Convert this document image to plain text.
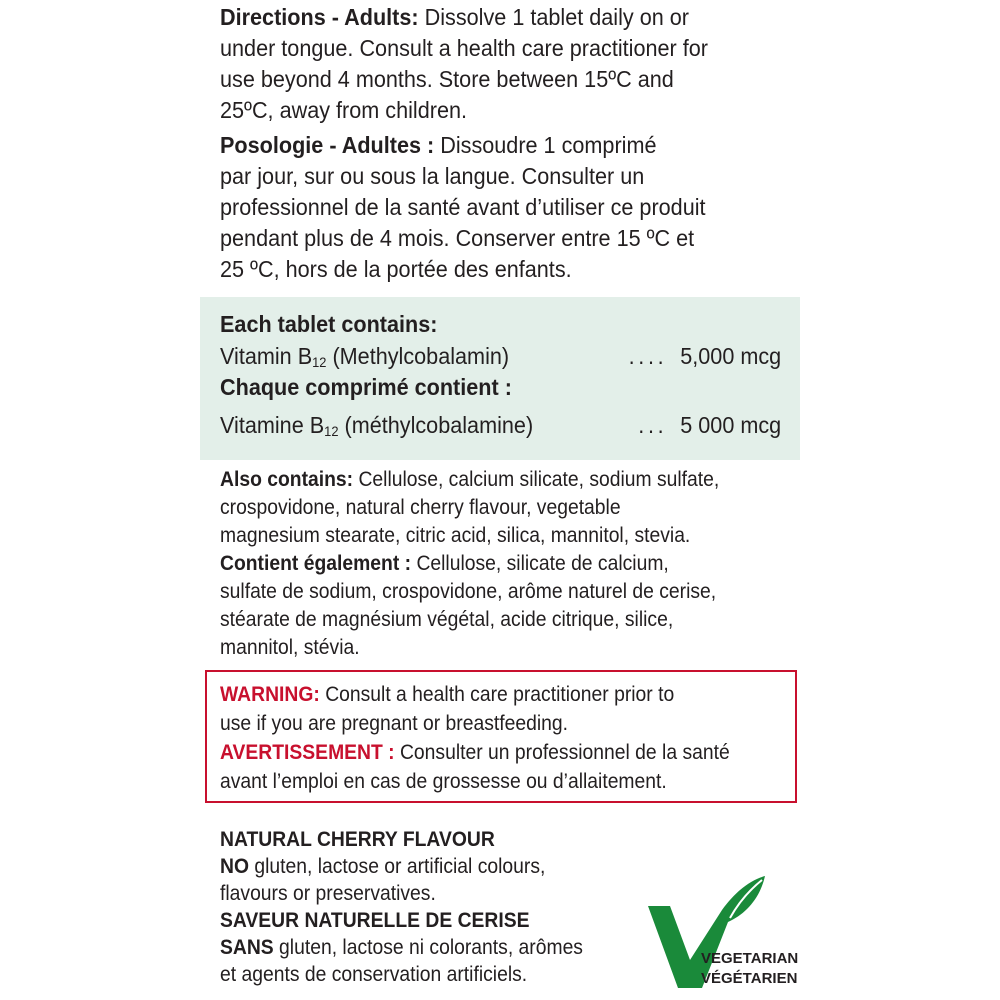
Directions - Adults: Dissolve 1 tablet daily on or
under tongue. Consult a health care practitioner for
use beyond 4 months. Store between 15ºC and
25ºC, away from children.

Posologie - Adultes : Dissoudre 1 comprimé
par jour, sur ou sous la langue. Consulter un
professionnel de la santé avant d’utiliser ce produit
pendant plus de 4 mois. Conserver entre 15 ºC et
25 ºC, hors de la portée des enfants.

Each tablet contains:

Vitamin $B_{12}$ (Methylcobalamin)	.... 5,000 mcg

Chaque comprimé contient :

Vitamine $B_{12}$ (méthylcobalamine)	... 5 000 mcg

Also contains: Cellulose, calcium silicate, sodium sulfate,
crospovidone, natural cherry flavour, vegetable
magnesium stearate, citric acid, silica, mannitol, stevia.
Contient également : Cellulose, silicate de calcium,
sulfate de sodium, crospovidone, arôme naturel de cerise,
stéarate de magnésium végétal, acide citrique, silice,
mannitol, stévia.

WARNING: Consult a health care practitioner prior to
use if you are pregnant or breastfeeding.
AVERTISSEMENT : Consulter un professionnel de la santé
avant l’emploi en cas de grossesse ou d’allaitement.

NATURAL CHERRY FLAVOUR
NO gluten, lactose or artificial colours,
flavours or preservatives.
SAVEUR NATURELLE DE CERISE
SANS gluten, lactose ni colorants, arômes
et agents de conservation artificiels.

VEGETARIAN
VÉGÉTARIEN
